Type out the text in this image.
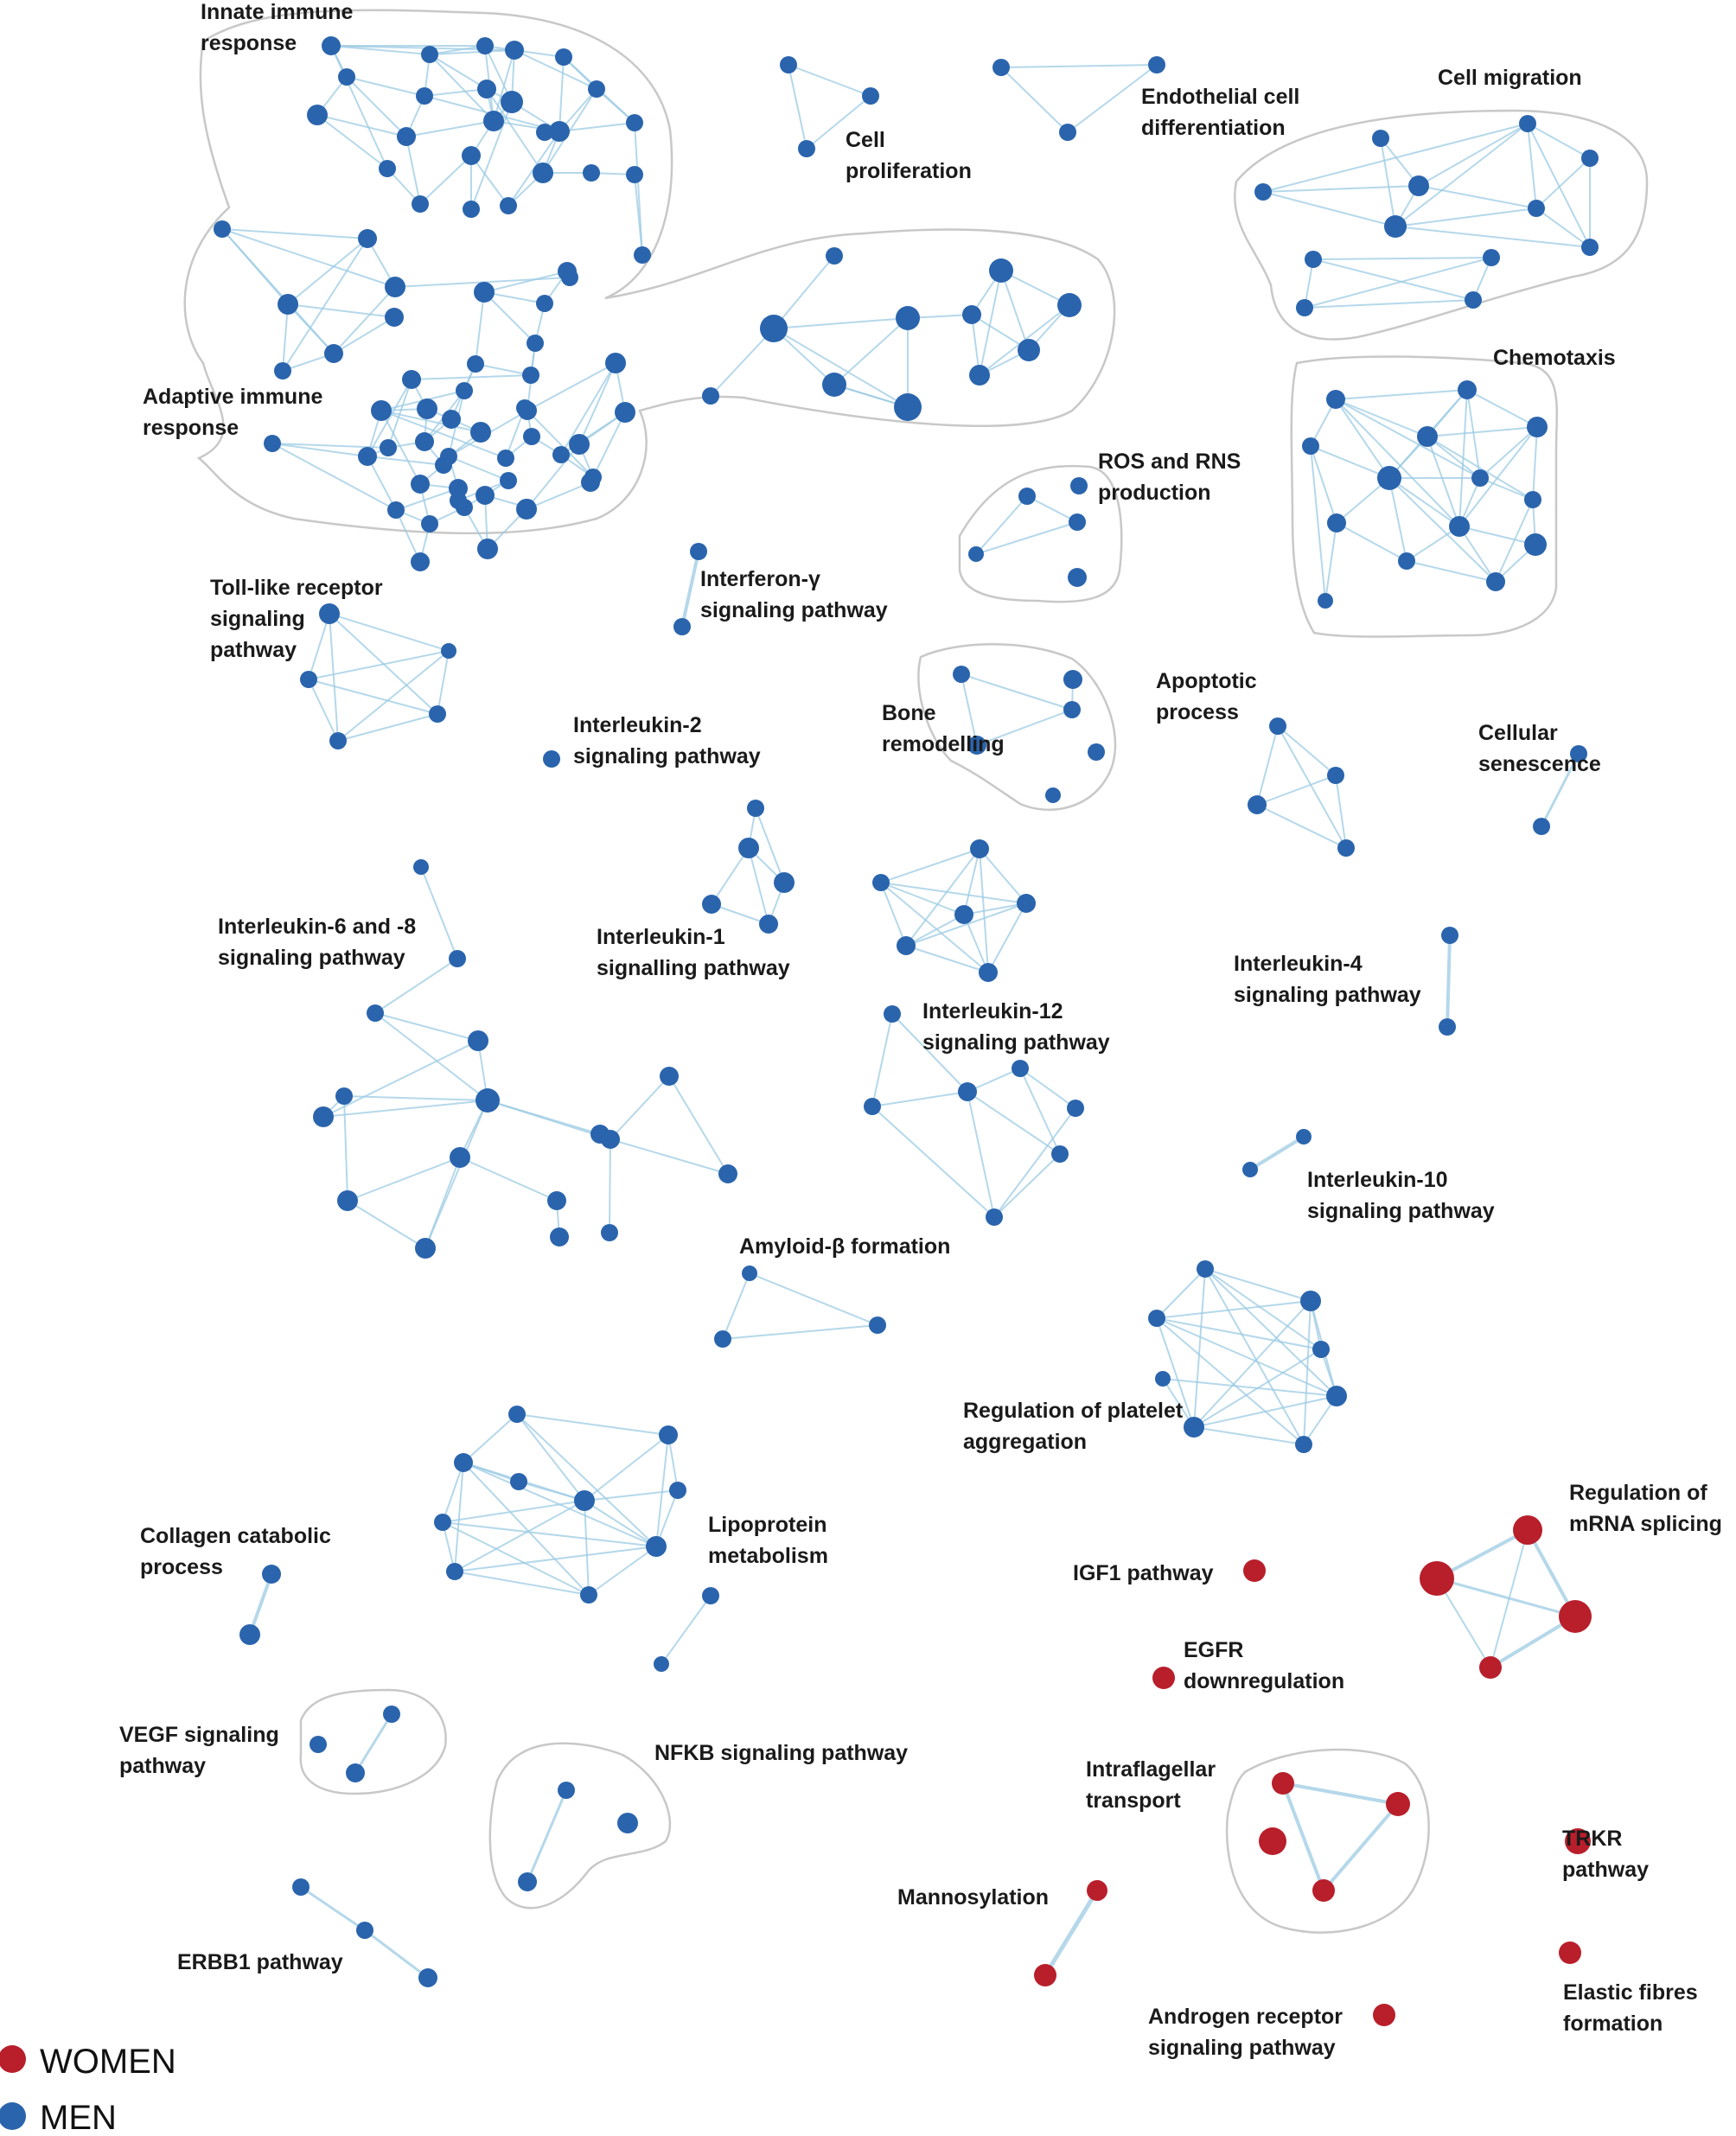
Innate immune
response
Adaptive immune
response
Cell
proliferation
Endothelial cell
differentiation
Cell migration
Chemotaxis
ROS and RNS
production
Interferon-γ
signaling pathway
Toll-like receptor
signaling
pathway
Interleukin-2
signaling pathway
Bone
remodelling
Apoptotic
process
Cellular
senescence
Interleukin-6 and -8
signaling pathway
Interleukin-1
signalling pathway	Interleukin-4
signaling pathway
Interleukin-12
signaling pathway
Interleukin-10
signaling pathway
Amyloid-β formation
Regulation of platelet
aggregation
Lipoprotein
metabolism
Collagen catabolic
process
Regulation of
mRNA splicing
IGF1 pathway
EGFR
downregulation
VEGF signaling
pathway
NFKB signaling pathway
Intraflagellar
transport
TRKR
pathway
Mannosylation
ERBB1 pathway
Elastic fibres
formation
Androgen receptor
signaling pathway
WOMEN
MEN
